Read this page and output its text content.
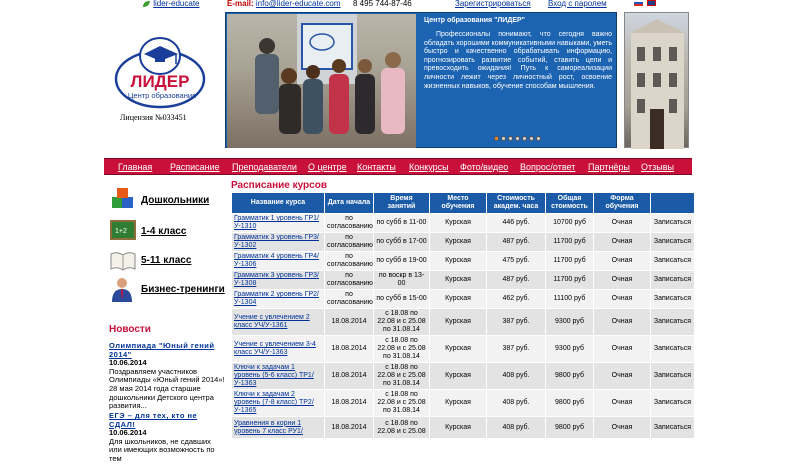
lider-educate	E-mail: info@lider-educate.com 8 495 744-87-46	Зарегистрироваться Вход с паролем
ЛИДЕР
Центр образования
Лицензия №033451
Центр образования "ЛИДЕР"
Профессионалы понимают, что сегодня важно обладать хорошими коммуникативными навыками, уметь быстро и качественно обрабатывать информацию, прогнозировать развитие событий, ставить цели и превосходить ожидания! Путь к самореализации личности лежит через личностный рост, освоение жизненных навыков, обучение способам мышления.
Главная Расписание Преподаватели О центре Контакты Конкурсы Фото/видео Вопрос/ответ Партнёры Отзывы
Дошкольники
1+2 1-4 класс
5-11 класс
Бизнес-тренинги
Новости
Олимпиада "Юный гений 2014"
10.06.2014
Поздравляем участников Олимпиады «Юный гений 2014»! 28 мая 2014 года старшие дошкольники Детского центра развития...
ЕГЭ – для тех, кто не СДАЛ!
10.06.2014
Для школьников, не сдавших или имеющих возможность по тем
Расписание курсов
Название курса	Дата начала	Время занятий	Место обучения	Стоимость академ. часа	Общая стоимость	Форма обучения	
Грамматик 1 уровень ГР1/У-1310	по согласованию	по субб в 11-00	Курская	446 руб.	10700 руб	Очная	Записаться
Грамматик 3 уровень ГР3/У-1302	по согласованию	по субб в 17-00	Курская	487 руб.	11700 руб	Очная	Записаться
Грамматик 4 уровень ГР4/У-1306	по согласованию	по субб в 19-00	Курская	475 руб.	11700 руб	Очная	Записаться
Грамматик 3 уровень ГР3/У-1308	по согласованию	по воскр в 13-00	Курская	487 руб.	11700 руб	Очная	Записаться
Грамматик 2 уровень ГР2/У-1304	по согласованию	по субб в 15-00	Курская	462 руб.	11100 руб	Очная	Записаться
Учение с увлечением 2 класс УЧ/У-1361	18.08.2014	с 18.08 по 22.08 и с 25.08 по 31.08.14	Курская	387 руб.	9300 руб	Очная	Записаться
Учение с увлечением 3-4 класс УЧ/У-1363	18.08.2014	с 18.08 по 22.08 и с 25.08 по 31.08.14	Курская	387 руб.	9300 руб	Очная	Записаться
Ключи к задачам 1 уровень (5-6 класс) ТР1/У-1363	18.08.2014	с 18.08 по 22.08 и с 25.08 по 31.08.14	Курская	408 руб.	9800 руб	Очная	Записаться
Ключи к задачам 2 уровень (7-8 класс) ТР2/У-1365	18.08.2014	с 18.08 по 22.08 и с 25.08 по 31.08.14	Курская	408 руб.	9800 руб	Очная	Записаться
Уравнения в корни 1 уровень 7 класс РУ1/	18.08.2014	с 18.08 по 22.08 и с 25.08	Курская	408 руб.	9800 руб	Очная	Записаться
